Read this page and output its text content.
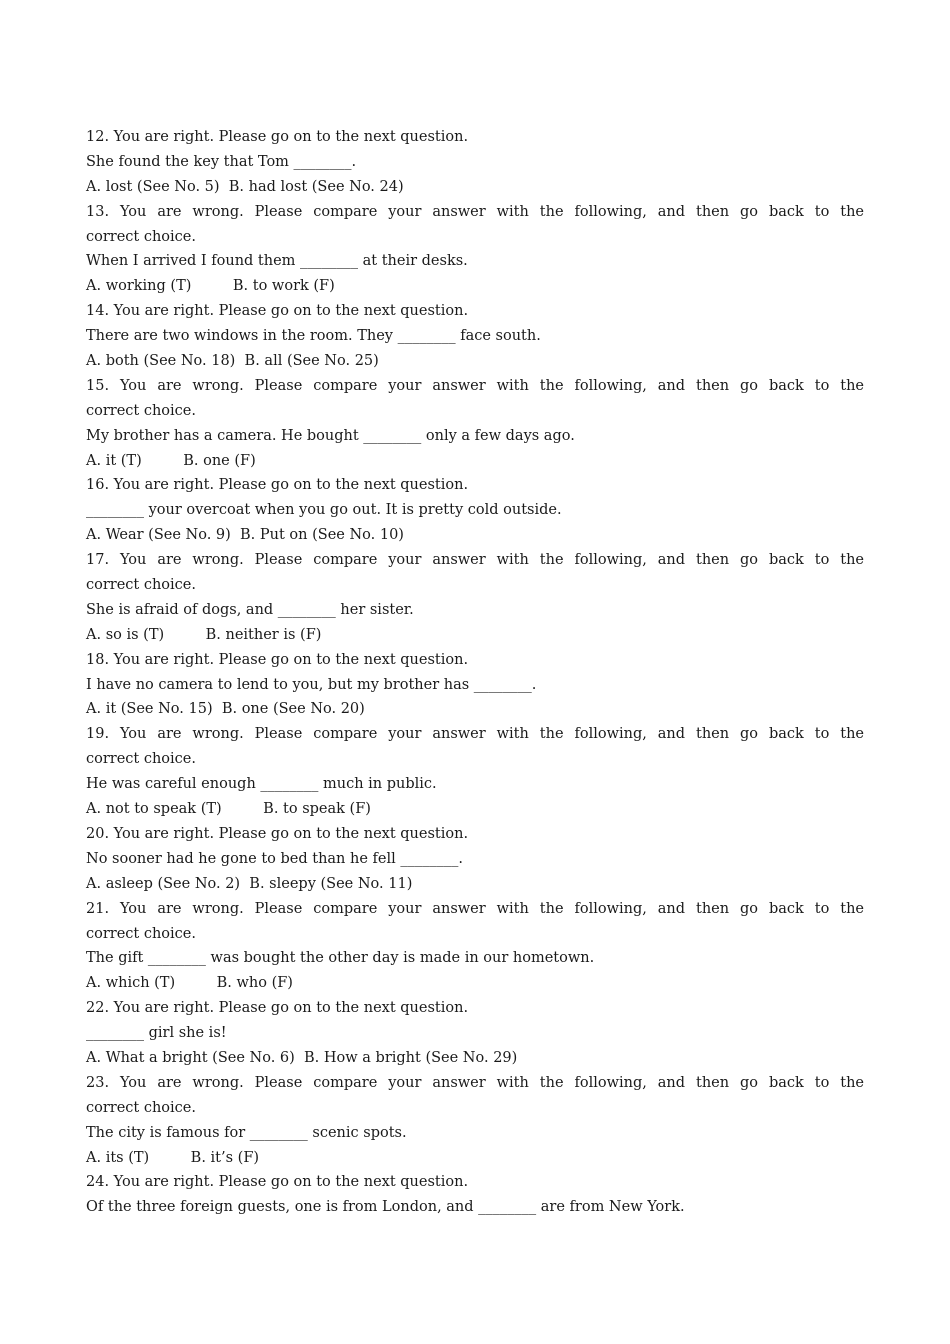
12. You are right. Please go on to the next question.
She found the key that Tom ________.
A. lost (See No. 5)  B. had lost (See No. 24)
13. You are wrong. Please compare your answer with the following, and then go back to the
correct choice.
When I arrived I found them ________ at their desks.
A. working (T)         B. to work (F)
14. You are right. Please go on to the next question.
There are two windows in the room. They ________ face south.
A. both (See No. 18)  B. all (See No. 25)
15. You are wrong. Please compare your answer with the following, and then go back to the
correct choice.
My brother has a camera. He bought ________ only a few days ago.
A. it (T)         B. one (F)
16. You are right. Please go on to the next question.
________ your overcoat when you go out. It is pretty cold outside.
A. Wear (See No. 9)  B. Put on (See No. 10)
17. You are wrong. Please compare your answer with the following, and then go back to the
correct choice.
She is afraid of dogs, and ________ her sister.
A. so is (T)         B. neither is (F)
18. You are right. Please go on to the next question.
I have no camera to lend to you, but my brother has ________.
A. it (See No. 15)  B. one (See No. 20)
19. You are wrong. Please compare your answer with the following, and then go back to the
correct choice.
He was careful enough ________ much in public.
A. not to speak (T)         B. to speak (F)
20. You are right. Please go on to the next question.
No sooner had he gone to bed than he fell ________.
A. asleep (See No. 2)  B. sleepy (See No. 11)
21. You are wrong. Please compare your answer with the following, and then go back to the
correct choice.
The gift ________ was bought the other day is made in our hometown.
A. which (T)         B. who (F)
22. You are right. Please go on to the next question.
________ girl she is!
A. What a bright (See No. 6)  B. How a bright (See No. 29)
23. You are wrong. Please compare your answer with the following, and then go back to the
correct choice.
The city is famous for ________ scenic spots.
A. its (T)         B. it’s (F)
24. You are right. Please go on to the next question.
Of the three foreign guests, one is from London, and ________ are from New York.
